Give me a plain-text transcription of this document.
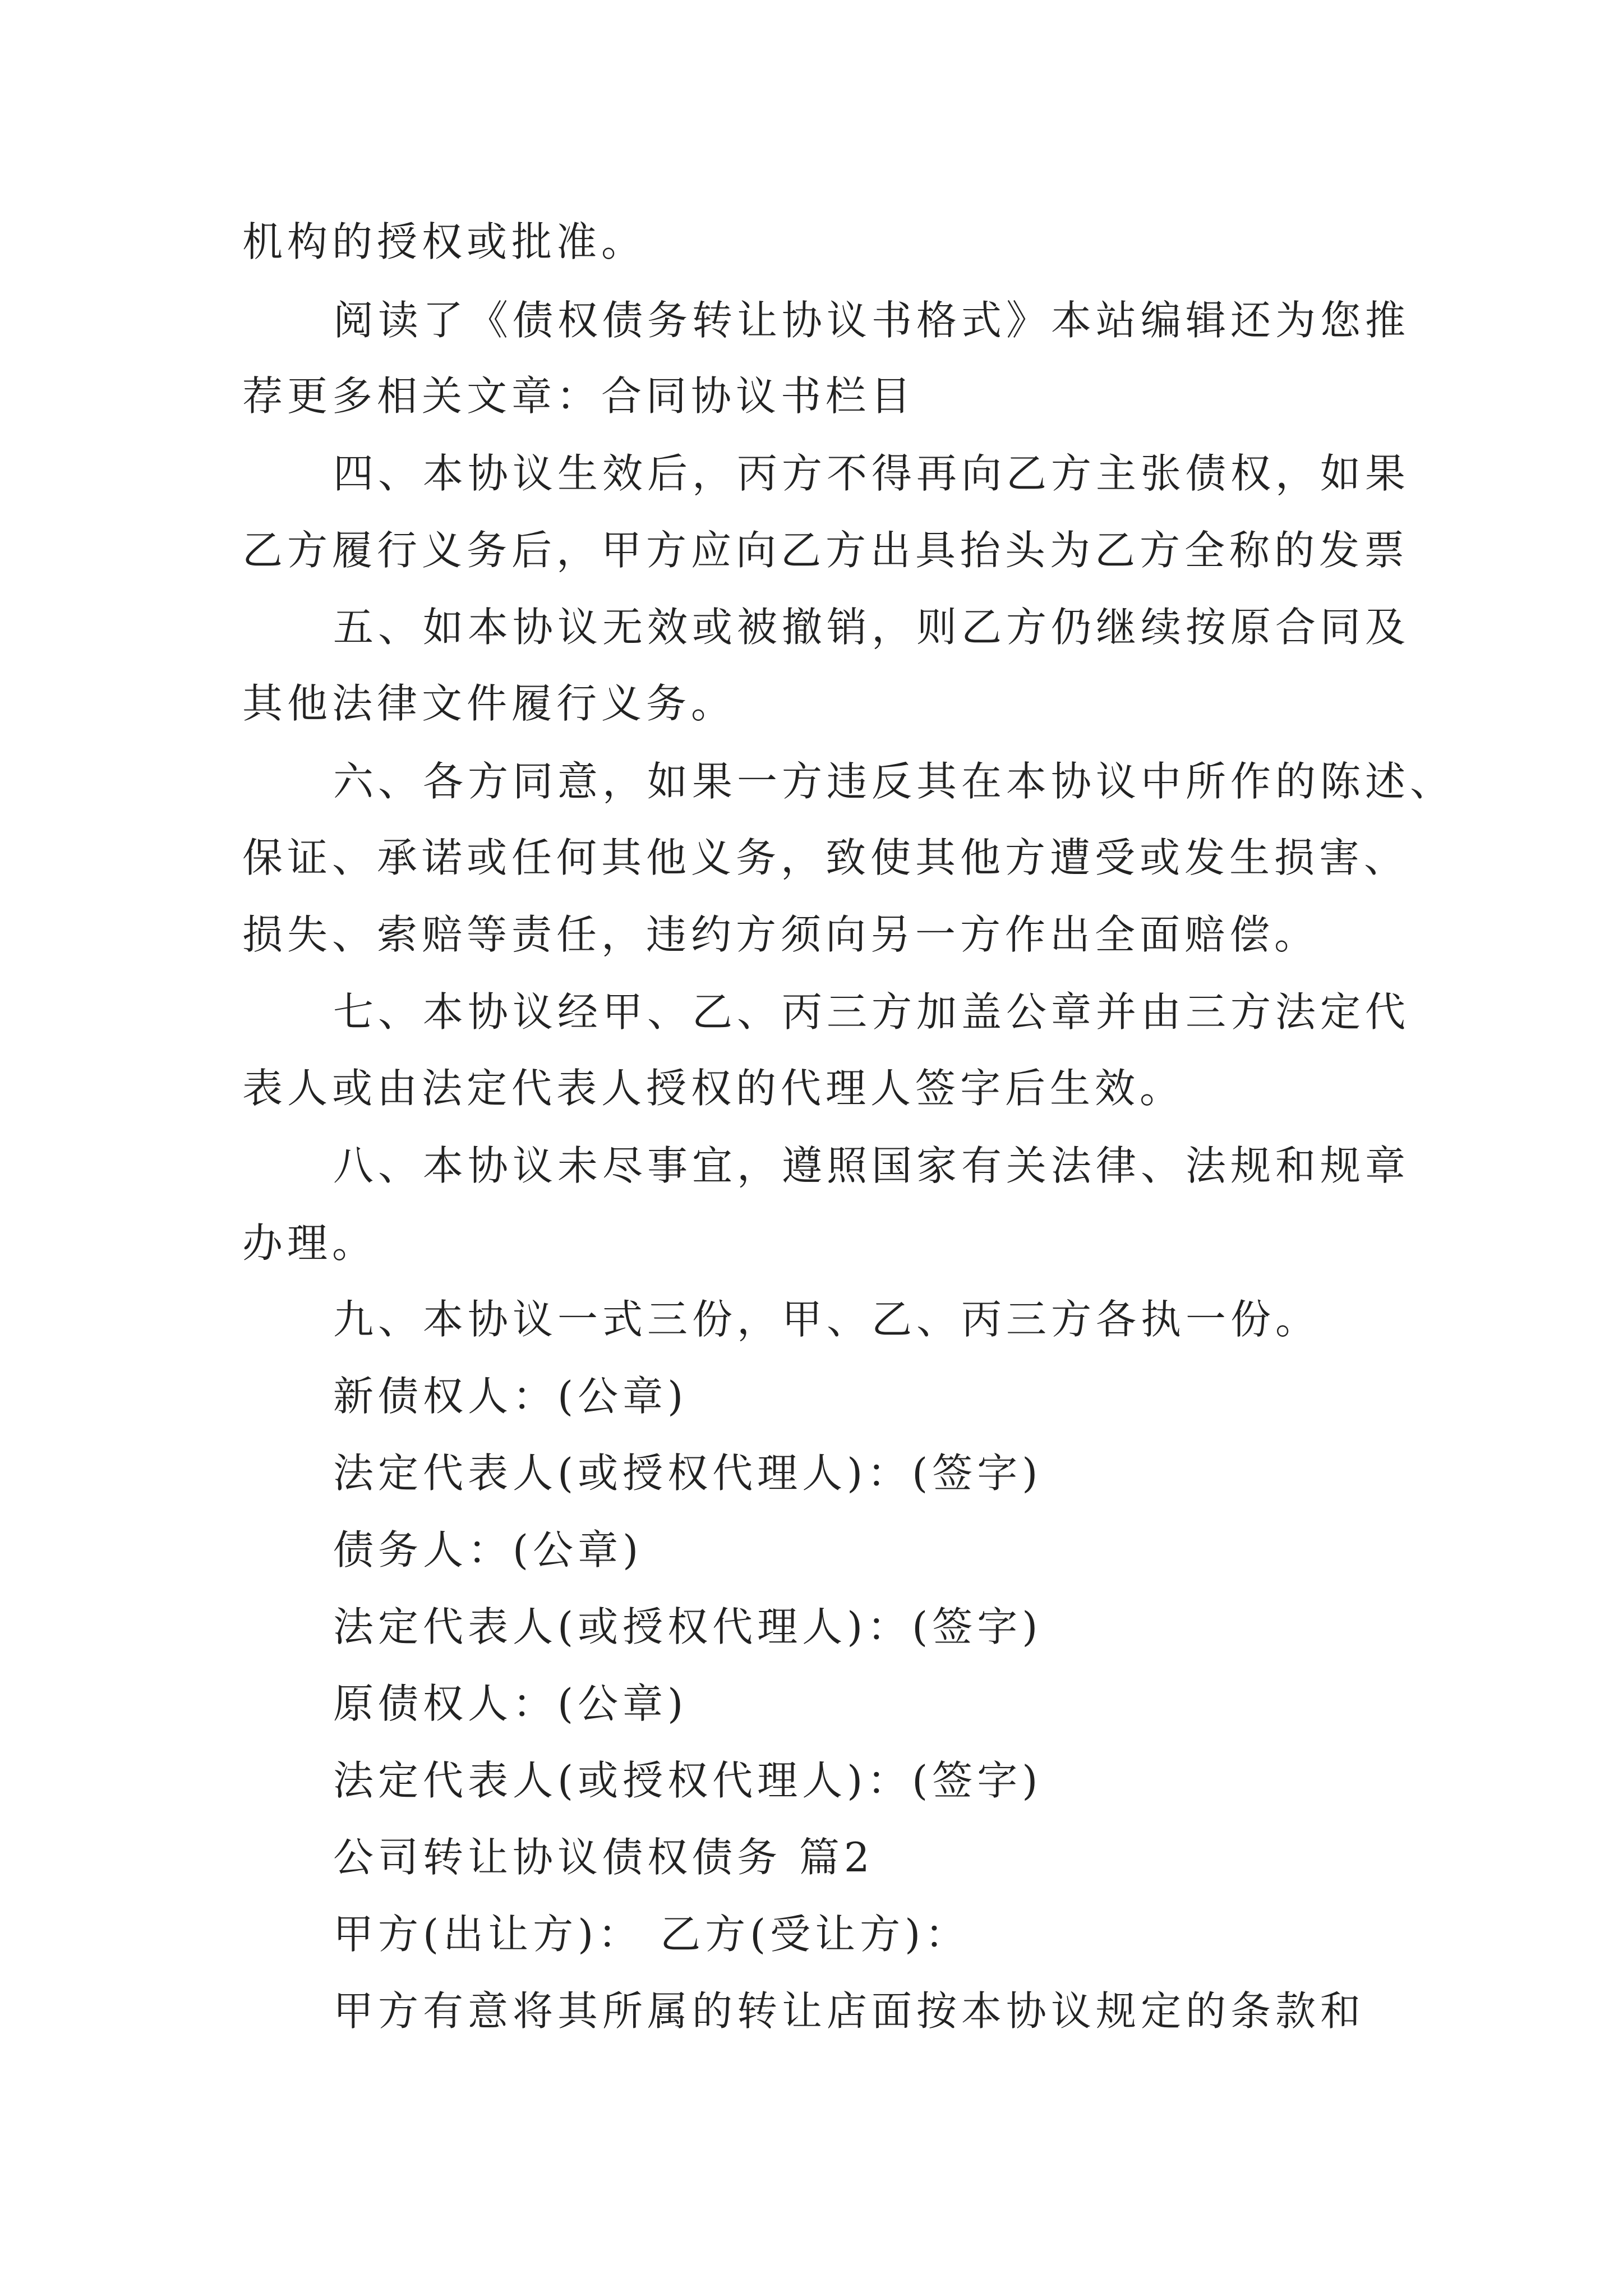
机构的授权或批准。

阅读了《债权债务转让协议书格式》本站编辑还为您推

荐更多相关文章：合同协议书栏目

四、本协议生效后，丙方不得再向乙方主张债权，如果

乙方履行义务后，甲方应向乙方出具抬头为乙方全称的发票

五、如本协议无效或被撤销，则乙方仍继续按原合同及

其他法律文件履行义务。

六、各方同意，如果一方违反其在本协议中所作的陈述、

保证、承诺或任何其他义务，致使其他方遭受或发生损害、

损失、索赔等责任，违约方须向另一方作出全面赔偿。

七、本协议经甲、乙、丙三方加盖公章并由三方法定代

表人或由法定代表人授权的代理人签字后生效。

八、本协议未尽事宜，遵照国家有关法律、法规和规章

办理。

九、本协议一式三份，甲、乙、丙三方各执一份。

新债权人：(公章)

法定代表人(或授权代理人)：(签字)

债务人：(公章)

法定代表人(或授权代理人)：(签字)

原债权人：(公章)

法定代表人(或授权代理人)：(签字)

公司转让协议债权债务 篇2

甲方(出让方)： 乙方(受让方)：

甲方有意将其所属的转让店面按本协议规定的条款和
